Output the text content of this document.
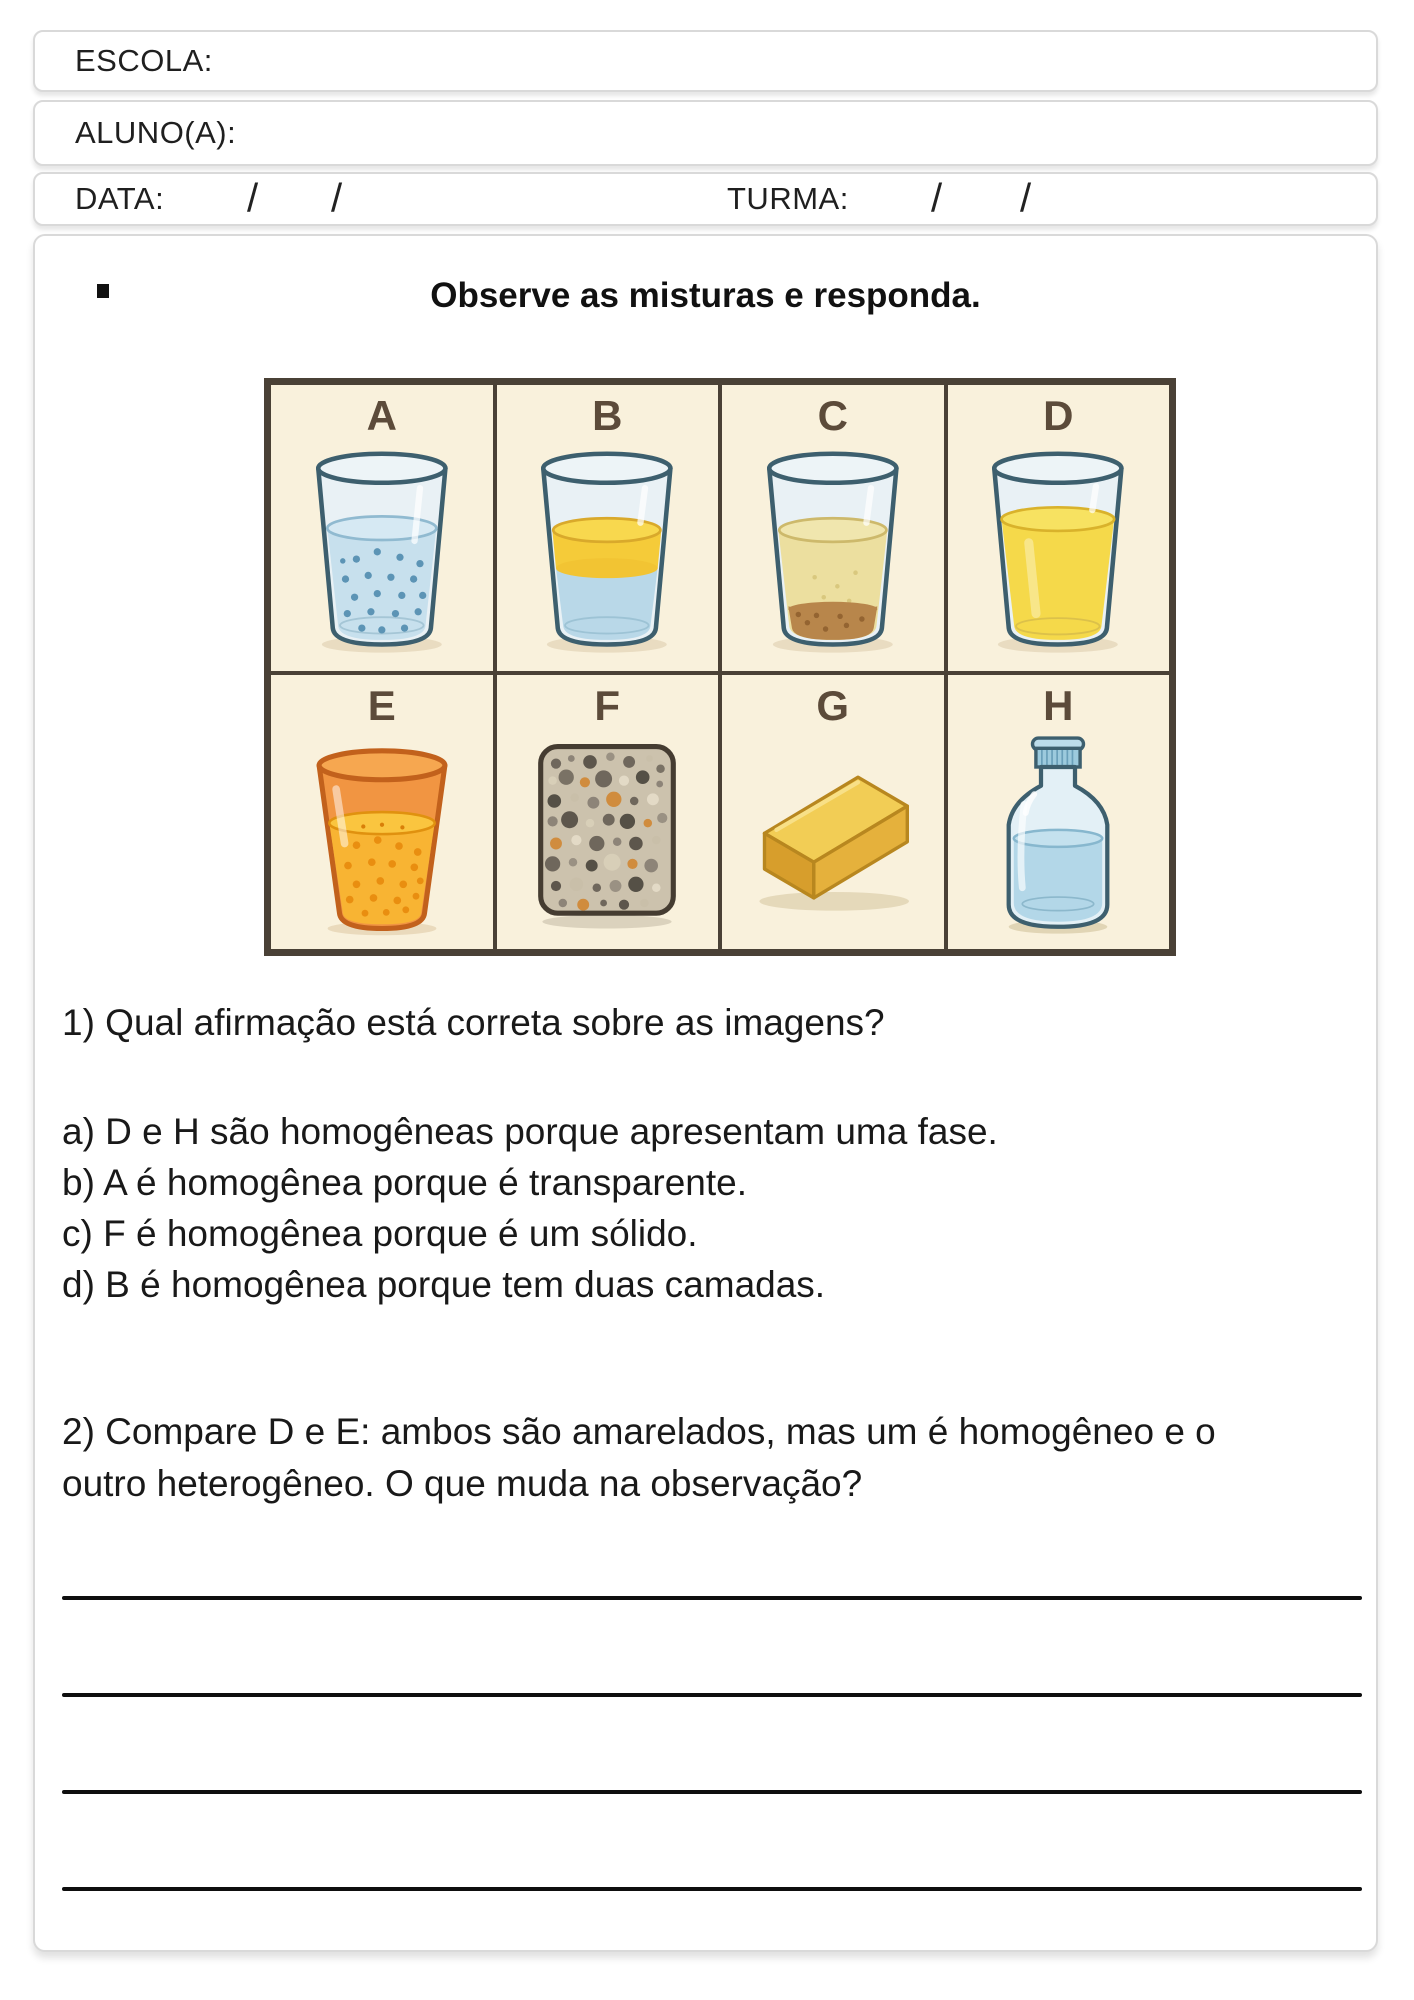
ESCOLA:
ALUNO(A):
DATA: / /	TURMA: / /
Observe as misturas e responda.
A	B	C	D
E	F	G	H

1) Qual afirmação está correta sobre as imagens?

a) D e H são homogêneas porque apresentam uma fase.

b) A é homogênea porque é transparente.

c) F é homogênea porque é um sólido.

d) B é homogênea porque tem duas camadas.

2) Compare D e E: ambos são amarelados, mas um é homogêneo e o outro heterogêneo. O que muda na observação?
